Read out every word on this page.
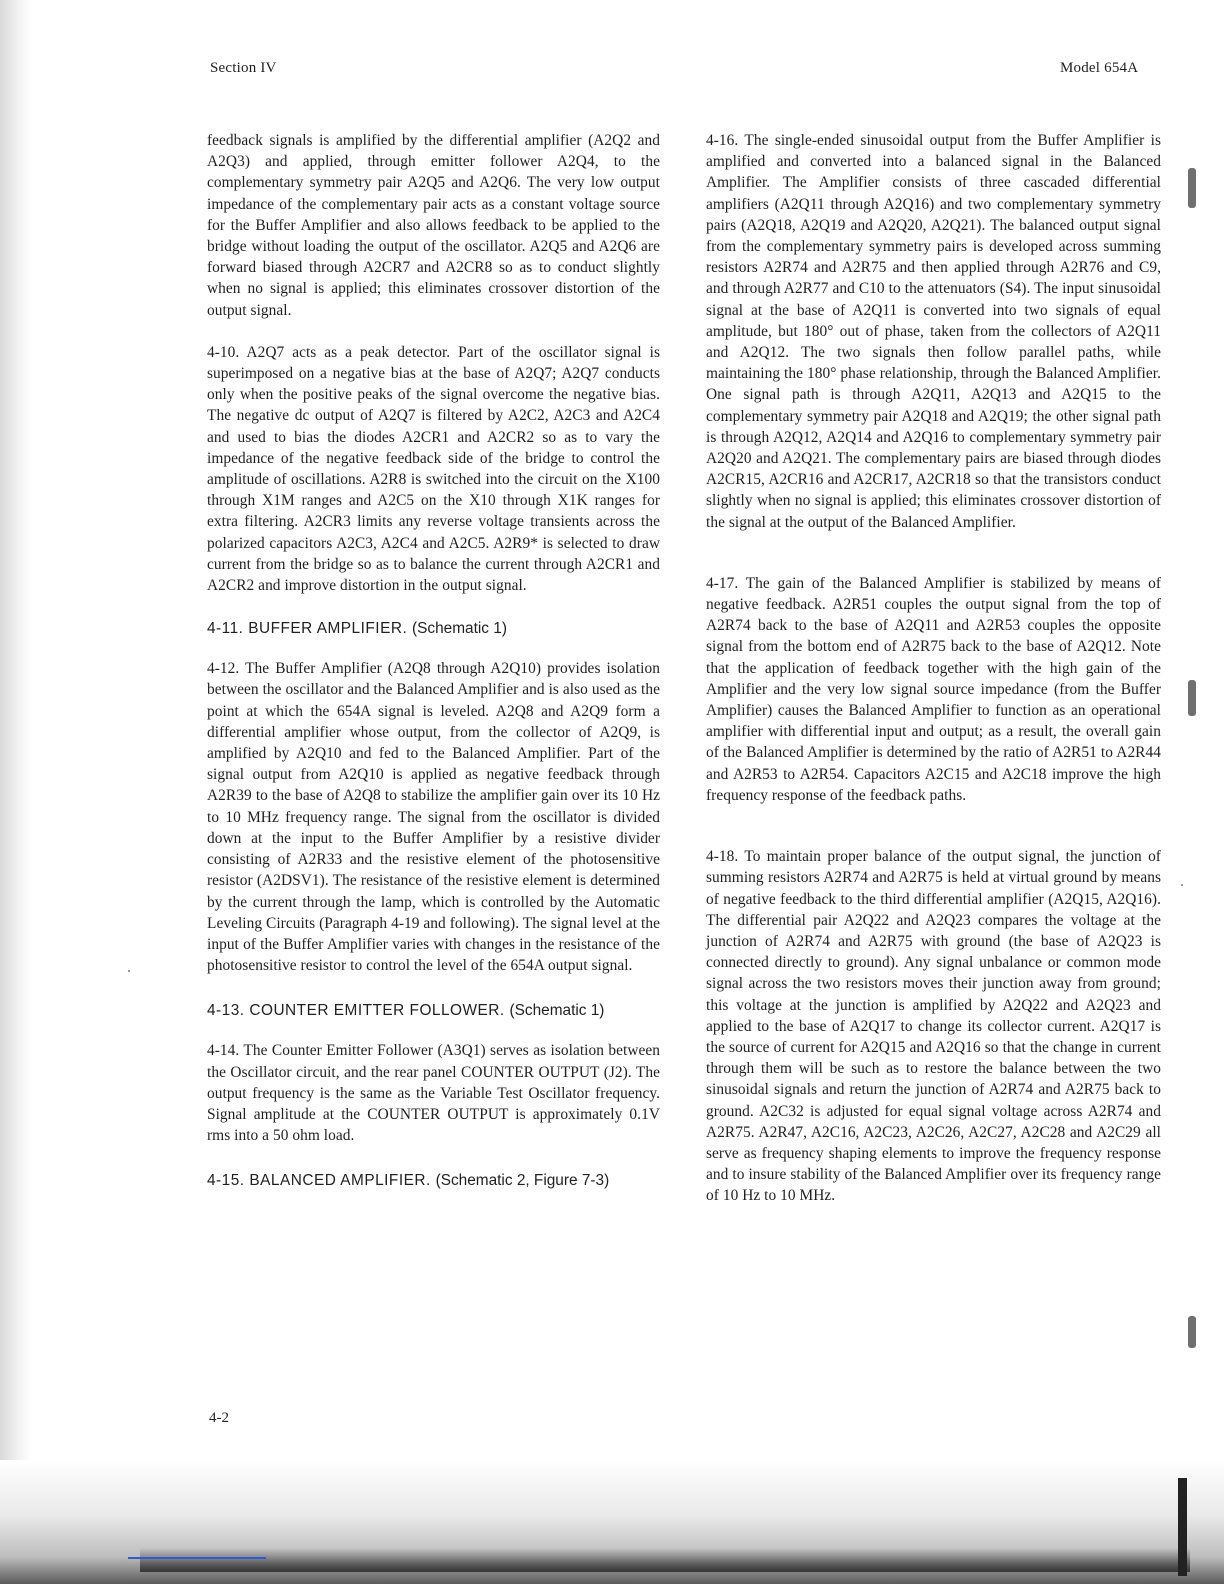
Section IV	Model 654A

feedback signals is amplified by the differential amplifier (A2Q2 and A2Q3) and applied, through emitter follower A2Q4, to the complementary symmetry pair A2Q5 and A2Q6. The very low output impedance of the complementary pair acts as a constant voltage source for the Buffer Amplifier and also allows feedback to be applied to the bridge without loading the output of the oscillator. A2Q5 and A2Q6 are forward biased through A2CR7 and A2CR8 so as to conduct slightly when no signal is applied; this eliminates crossover distortion of the output signal.

4-10. A2Q7 acts as a peak detector. Part of the oscillator signal is superimposed on a negative bias at the base of A2Q7; A2Q7 conducts only when the positive peaks of the signal overcome the negative bias. The negative dc output of A2Q7 is filtered by A2C2, A2C3 and A2C4 and used to bias the diodes A2CR1 and A2CR2 so as to vary the impedance of the negative feedback side of the bridge to control the amplitude of oscillations. A2R8 is switched into the circuit on the X100 through X1M ranges and A2C5 on the X10 through X1K ranges for extra filtering. A2CR3 limits any reverse voltage transients across the polarized capacitors A2C3, A2C4 and A2C5. A2R9* is selected to draw current from the bridge so as to balance the current through A2CR1 and A2CR2 and improve distortion in the output signal.

4-11. BUFFER AMPLIFIER. (Schematic 1)

4-12. The Buffer Amplifier (A2Q8 through A2Q10) provides isolation between the oscillator and the Balanced Amplifier and is also used as the point at which the 654A signal is leveled. A2Q8 and A2Q9 form a differential amplifier whose output, from the collector of A2Q9, is amplified by A2Q10 and fed to the Balanced Amplifier. Part of the signal output from A2Q10 is applied as negative feedback through A2R39 to the base of A2Q8 to stabilize the amplifier gain over its 10 Hz to 10 MHz frequency range. The signal from the oscillator is divided down at the input to the Buffer Amplifier by a resistive divider consisting of A2R33 and the resistive element of the photosensitive resistor (A2DSV1). The resistance of the resistive element is determined by the current through the lamp, which is controlled by the Automatic Leveling Circuits (Paragraph 4-19 and following). The signal level at the input of the Buffer Amplifier varies with changes in the resistance of the photosensitive resistor to control the level of the 654A output signal.

4-13. COUNTER EMITTER FOLLOWER. (Schematic 1)

4-14. The Counter Emitter Follower (A3Q1) serves as isolation between the Oscillator circuit, and the rear panel COUNTER OUTPUT (J2). The output frequency is the same as the Variable Test Oscillator frequency. Signal amplitude at the COUNTER OUTPUT is approximately 0.1V rms into a 50 ohm load.

4-15. BALANCED AMPLIFIER. (Schematic 2, Figure 7-3)

4-16. The single-ended sinusoidal output from the Buffer Amplifier is amplified and converted into a balanced signal in the Balanced Amplifier. The Amplifier consists of three cascaded differential amplifiers (A2Q11 through A2Q16) and two complementary symmetry pairs (A2Q18, A2Q19 and A2Q20, A2Q21). The balanced output signal from the complementary symmetry pairs is developed across summing resistors A2R74 and A2R75 and then applied through A2R76 and C9, and through A2R77 and C10 to the attenuators (S4). The input sinusoidal signal at the base of A2Q11 is converted into two signals of equal amplitude, but 180° out of phase, taken from the collectors of A2Q11 and A2Q12. The two signals then follow parallel paths, while maintaining the 180° phase relationship, through the Balanced Amplifier. One signal path is through A2Q11, A2Q13 and A2Q15 to the complementary symmetry pair A2Q18 and A2Q19; the other signal path is through A2Q12, A2Q14 and A2Q16 to complementary symmetry pair A2Q20 and A2Q21. The complementary pairs are biased through diodes A2CR15, A2CR16 and A2CR17, A2CR18 so that the transistors conduct slightly when no signal is applied; this eliminates crossover distortion of the signal at the output of the Balanced Amplifier.

4-17. The gain of the Balanced Amplifier is stabilized by means of negative feedback. A2R51 couples the output signal from the top of A2R74 back to the base of A2Q11 and A2R53 couples the opposite signal from the bottom end of A2R75 back to the base of A2Q12. Note that the application of feedback together with the high gain of the Amplifier and the very low signal source impedance (from the Buffer Amplifier) causes the Balanced Amplifier to function as an operational amplifier with differential input and output; as a result, the overall gain of the Balanced Amplifier is determined by the ratio of A2R51 to A2R44 and A2R53 to A2R54. Capacitors A2C15 and A2C18 improve the high frequency response of the feedback paths.

4-18. To maintain proper balance of the output signal, the junction of summing resistors A2R74 and A2R75 is held at virtual ground by means of negative feedback to the third differential amplifier (A2Q15, A2Q16). The differential pair A2Q22 and A2Q23 compares the voltage at the junction of A2R74 and A2R75 with ground (the base of A2Q23 is connected directly to ground). Any signal unbalance or common mode signal across the two resistors moves their junction away from ground; this voltage at the junction is amplified by A2Q22 and A2Q23 and applied to the base of A2Q17 to change its collector current. A2Q17 is the source of current for A2Q15 and A2Q16 so that the change in current through them will be such as to restore the balance between the two sinusoidal signals and return the junction of A2R74 and A2R75 back to ground. A2C32 is adjusted for equal signal voltage across A2R74 and A2R75. A2R47, A2C16, A2C23, A2C26, A2C27, A2C28 and A2C29 all serve as frequency shaping elements to improve the frequency response and to insure stability of the Balanced Amplifier over its frequency range of 10 Hz to 10 MHz.

4-2
